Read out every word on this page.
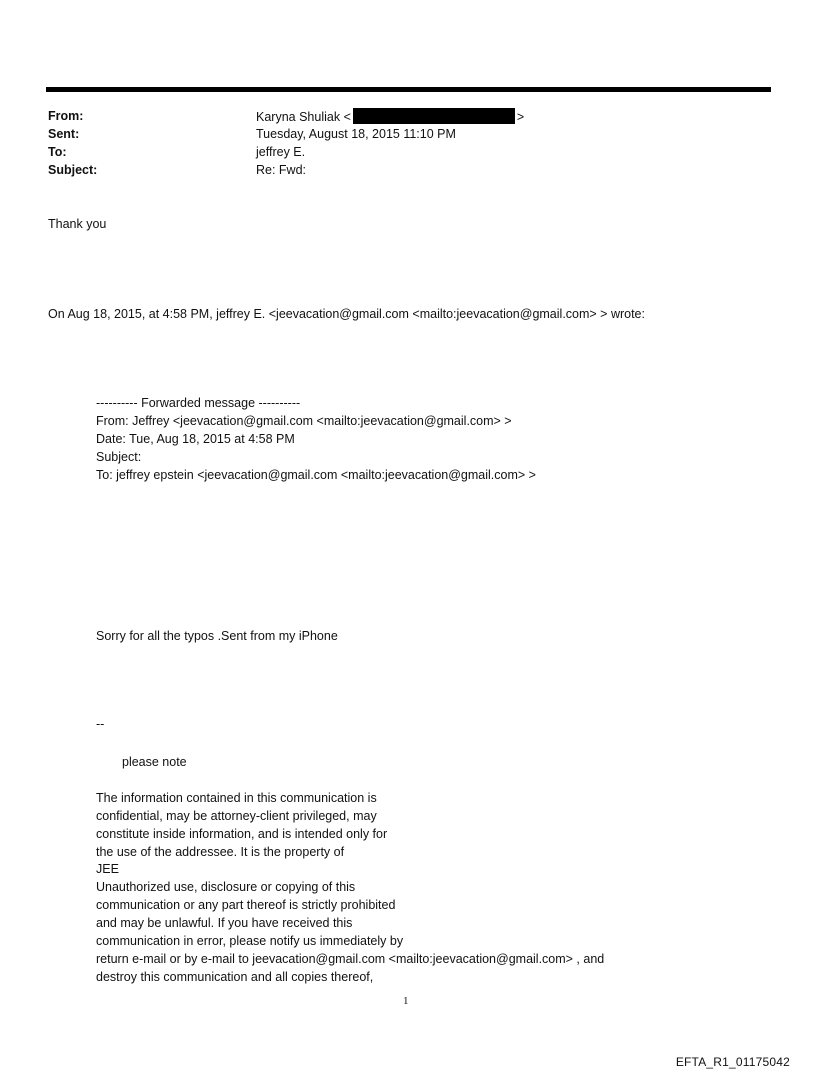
From:	Karyna Shuliak <	>
Sent:	Tuesday, August 18, 2015 11:10 PM
To:	jeffrey E.
Subject:	Re: Fwd:
Thank you
On Aug 18, 2015, at 4:58 PM, jeffrey E. <jeevacation@gmail.com <mailto:jeevacation@gmail.com> > wrote:
---------- Forwarded message ----------
From: Jeffrey <jeevacation@gmail.com <mailto:jeevacation@gmail.com> >
Date: Tue, Aug 18, 2015 at 4:58 PM
Subject:
To: jeffrey epstein <jeevacation@gmail.com <mailto:jeevacation@gmail.com> >
Sorry for all the typos .Sent from my iPhone
--
please note
The information contained in this communication is
confidential, may be attorney-client privileged, may
constitute inside information, and is intended only for
the use of the addressee. It is the property of
JEE
Unauthorized use, disclosure or copying of this
communication or any part thereof is strictly prohibited
and may be unlawful. If you have received this
communication in error, please notify us immediately by
return e-mail or by e-mail to jeevacation@gmail.com <mailto:jeevacation@gmail.com> , and
destroy this communication and all copies thereof,
1
EFTA_R1_01175042
